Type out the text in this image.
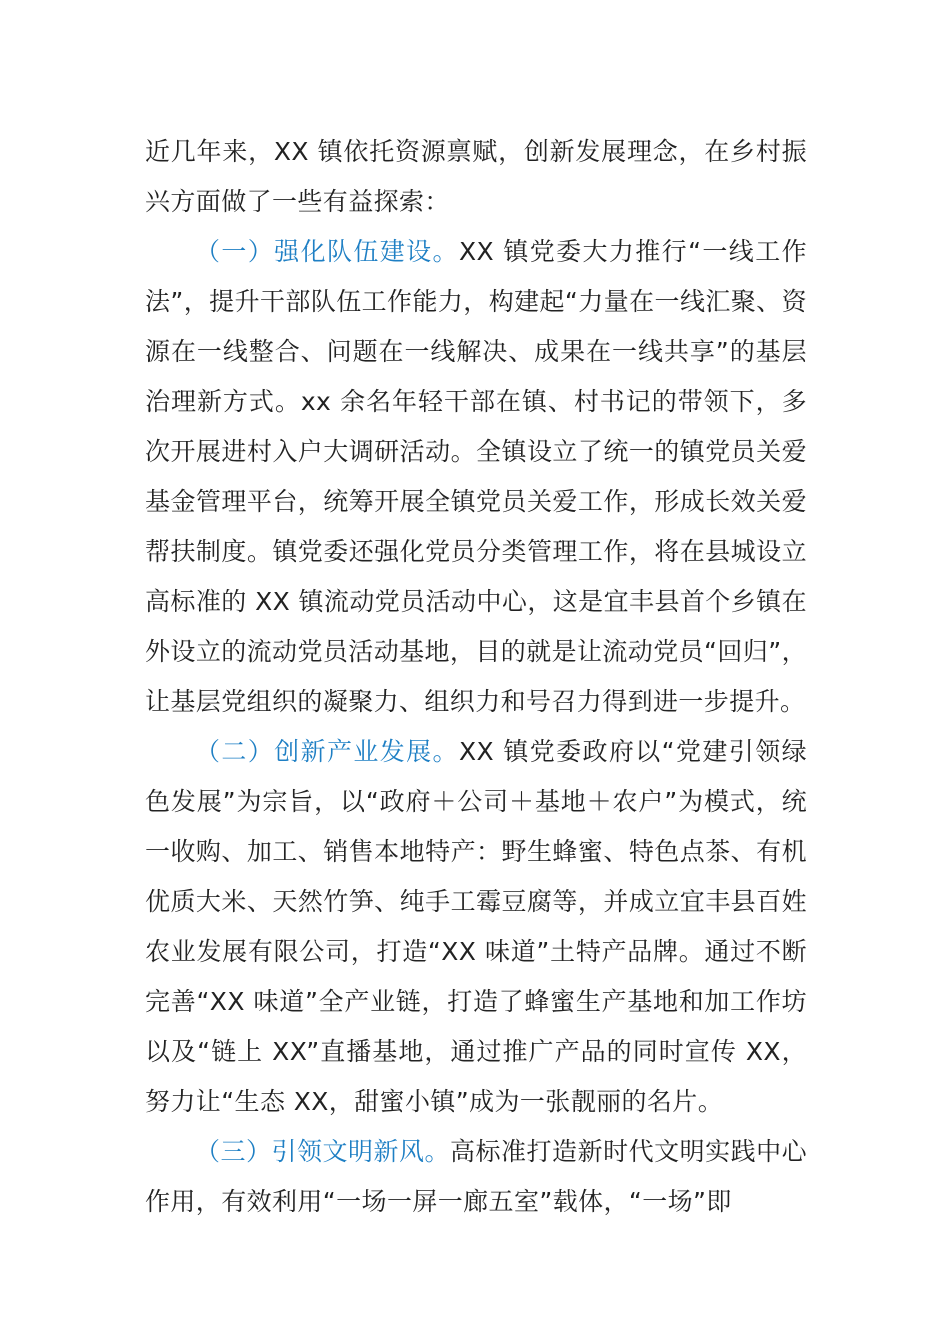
近几年来，XX 镇依托资源禀赋，创新发展理念，在乡村振兴方面做了一些有益探索：

（一）强化队伍建设。XX 镇党委大力推行“一线工作法”，提升干部队伍工作能力，构建起“力量在一线汇聚、资源在一线整合、问题在一线解决、成果在一线共享”的基层治理新方式。xx 余名年轻干部在镇、村书记的带领下，多次开展进村入户大调研活动。全镇设立了统一的镇党员关爱基金管理平台，统筹开展全镇党员关爱工作，形成长效关爱帮扶制度。镇党委还强化党员分类管理工作，将在县城设立高标准的 XX 镇流动党员活动中心，这是宜丰县首个乡镇在外设立的流动党员活动基地，目的就是让流动党员“回归”，让基层党组织的凝聚力、组织力和号召力得到进一步提升。

（二）创新产业发展。XX 镇党委政府以“党建引领绿色发展”为宗旨，以“政府＋公司＋基地＋农户”为模式，统一收购、加工、销售本地特产：野生蜂蜜、特色点茶、有机优质大米、天然竹笋、纯手工霉豆腐等，并成立宜丰县百姓农业发展有限公司，打造“XX 味道”土特产品牌。通过不断完善“XX 味道”全产业链，打造了蜂蜜生产基地和加工作坊以及“链上 XX”直播基地，通过推广产品的同时宣传 XX，努力让“生态 XX，甜蜜小镇”成为一张靓丽的名片。

（三）引领文明新风。高标准打造新时代文明实践中心作用，有效利用“一场一屏一廊五室”载体，“一场”即
